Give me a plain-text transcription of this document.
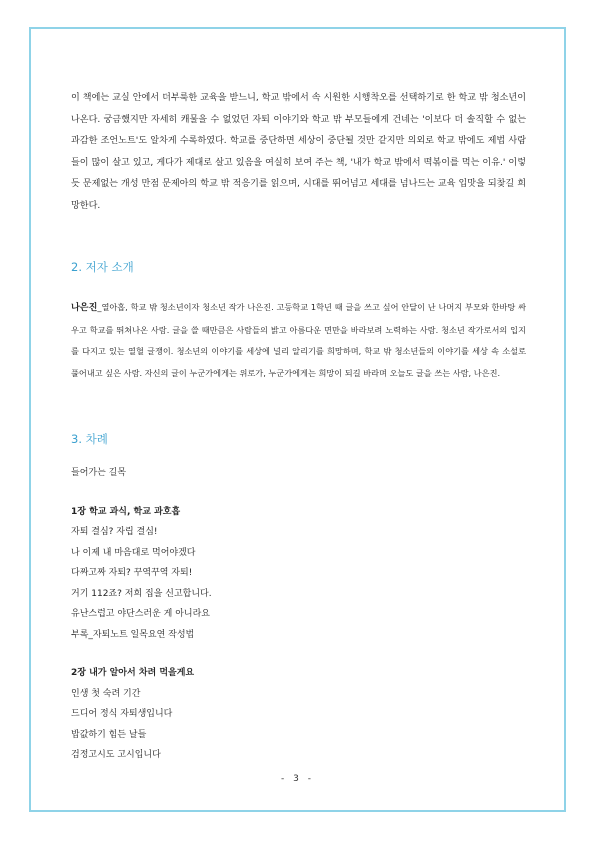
이 책에는 교실 안에서 더부룩한 교육을 받느니, 학교 밖에서 속 시원한 시행착오를 선택하기로 한 학교 밖 청소년이 나온다. 궁금했지만 자세히 캐물을 수 없었던 자퇴 이야기와 학교 밖 부모들에게 건네는 '이보다 더 솔직할 수 없는 과감한 조언노트'도 알차게 수록하였다. 학교를 중단하면 세상이 중단될 것만 같지만 의외로 학교 밖에도 제법 사람들이 많이 살고 있고, 게다가 제대로 살고 있음을 여실히 보여 주는 책, '내가 학교 밖에서 떡볶이를 먹는 이유.' 이렇듯 문제없는 개성 만점 문제아의 학교 밖 적응기를 읽으며, 시대를 뛰어넘고 세대를 넘나드는 교육 입맛을 되찾길 희망한다.

2. 저자 소개

나은진_열아홉, 학교 밖 청소년이자 청소년 작가 나은진. 고등학교 1학년 때 글을 쓰고 싶어 안달이 난 나머지 부모와 한바탕 싸우고 학교를 뛰쳐나온 사람. 글을 쓸 때만큼은 사람들의 밝고 아름다운 면만을 바라보려 노력하는 사람. 청소년 작가로서의 입지를 다지고 있는 열혈 글쟁이. 청소년의 이야기를 세상에 널리 알리기를 희망하며, 학교 밖 청소년들의 이야기를 세상 속 소설로 풀어내고 싶은 사람. 자신의 글이 누군가에게는 위로가, 누군가에게는 희망이 되길 바라며 오늘도 글을 쓰는 사람, 나은진.

3. 차례

들어가는 길목

1장 학교 과식, 학교 과호흡

자퇴 결심? 자립 결심!

나 이제 내 마음대로 먹어야겠다

다짜고짜 자퇴? 꾸역꾸역 자퇴!

거기 112죠? 저희 집을 신고합니다.

유난스럽고 야단스러운 게 아니라요

부록_자퇴노트 일목요연 작성법

2장 내가 알아서 차려 먹을게요

인생 첫 숙려 기간

드디어 정식 자퇴생입니다

밥값하기 힘든 날들

검정고시도 고시입니다

- 3 -
